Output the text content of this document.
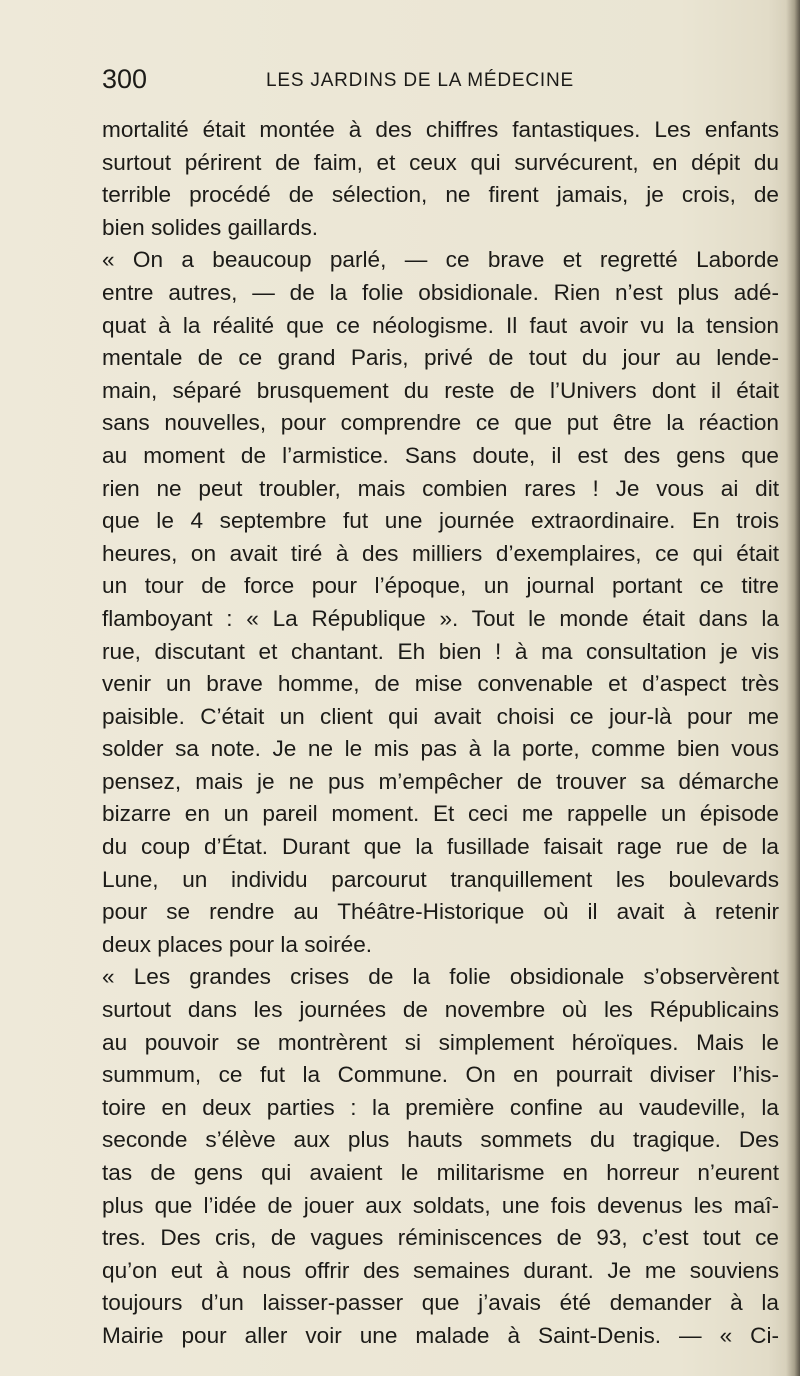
300	LES JARDINS DE LA MÉDECINE
mortalité était montée à des chiffres fantastiques. Les enfants
surtout périrent de faim, et ceux qui survécurent, en dépit du
terrible procédé de sélection, ne firent jamais, je crois, de
bien solides gaillards.
« On a beaucoup parlé, — ce brave et regretté Laborde
entre autres, — de la folie obsidionale. Rien n’est plus adé-
quat à la réalité que ce néologisme. Il faut avoir vu la tension
mentale de ce grand Paris, privé de tout du jour au lende-
main, séparé brusquement du reste de l’Univers dont il était
sans nouvelles, pour comprendre ce que put être la réaction
au moment de l’armistice. Sans doute, il est des gens que
rien ne peut troubler, mais combien rares ! Je vous ai dit
que le 4 septembre fut une journée extraordinaire. En trois
heures, on avait tiré à des milliers d’exemplaires, ce qui était
un tour de force pour l’époque, un journal portant ce titre
flamboyant : « La République ». Tout le monde était dans la
rue, discutant et chantant. Eh bien ! à ma consultation je vis
venir un brave homme, de mise convenable et d’aspect très
paisible. C’était un client qui avait choisi ce jour-là pour me
solder sa note. Je ne le mis pas à la porte, comme bien vous
pensez, mais je ne pus m’empêcher de trouver sa démarche
bizarre en un pareil moment. Et ceci me rappelle un épisode
du coup d’État. Durant que la fusillade faisait rage rue de la
Lune, un individu parcourut tranquillement les boulevards
pour se rendre au Théâtre-Historique où il avait à retenir
deux places pour la soirée.
« Les grandes crises de la folie obsidionale s’observèrent
surtout dans les journées de novembre où les Républicains
au pouvoir se montrèrent si simplement héroïques. Mais le
summum, ce fut la Commune. On en pourrait diviser l’his-
toire en deux parties : la première confine au vaudeville, la
seconde s’élève aux plus hauts sommets du tragique. Des
tas de gens qui avaient le militarisme en horreur n’eurent
plus que l’idée de jouer aux soldats, une fois devenus les maî-
tres. Des cris, de vagues réminiscences de 93, c’est tout ce
qu’on eut à nous offrir des semaines durant. Je me souviens
toujours d’un laisser-passer que j’avais été demander à la
Mairie pour aller voir une malade à Saint-Denis. — « Ci-
